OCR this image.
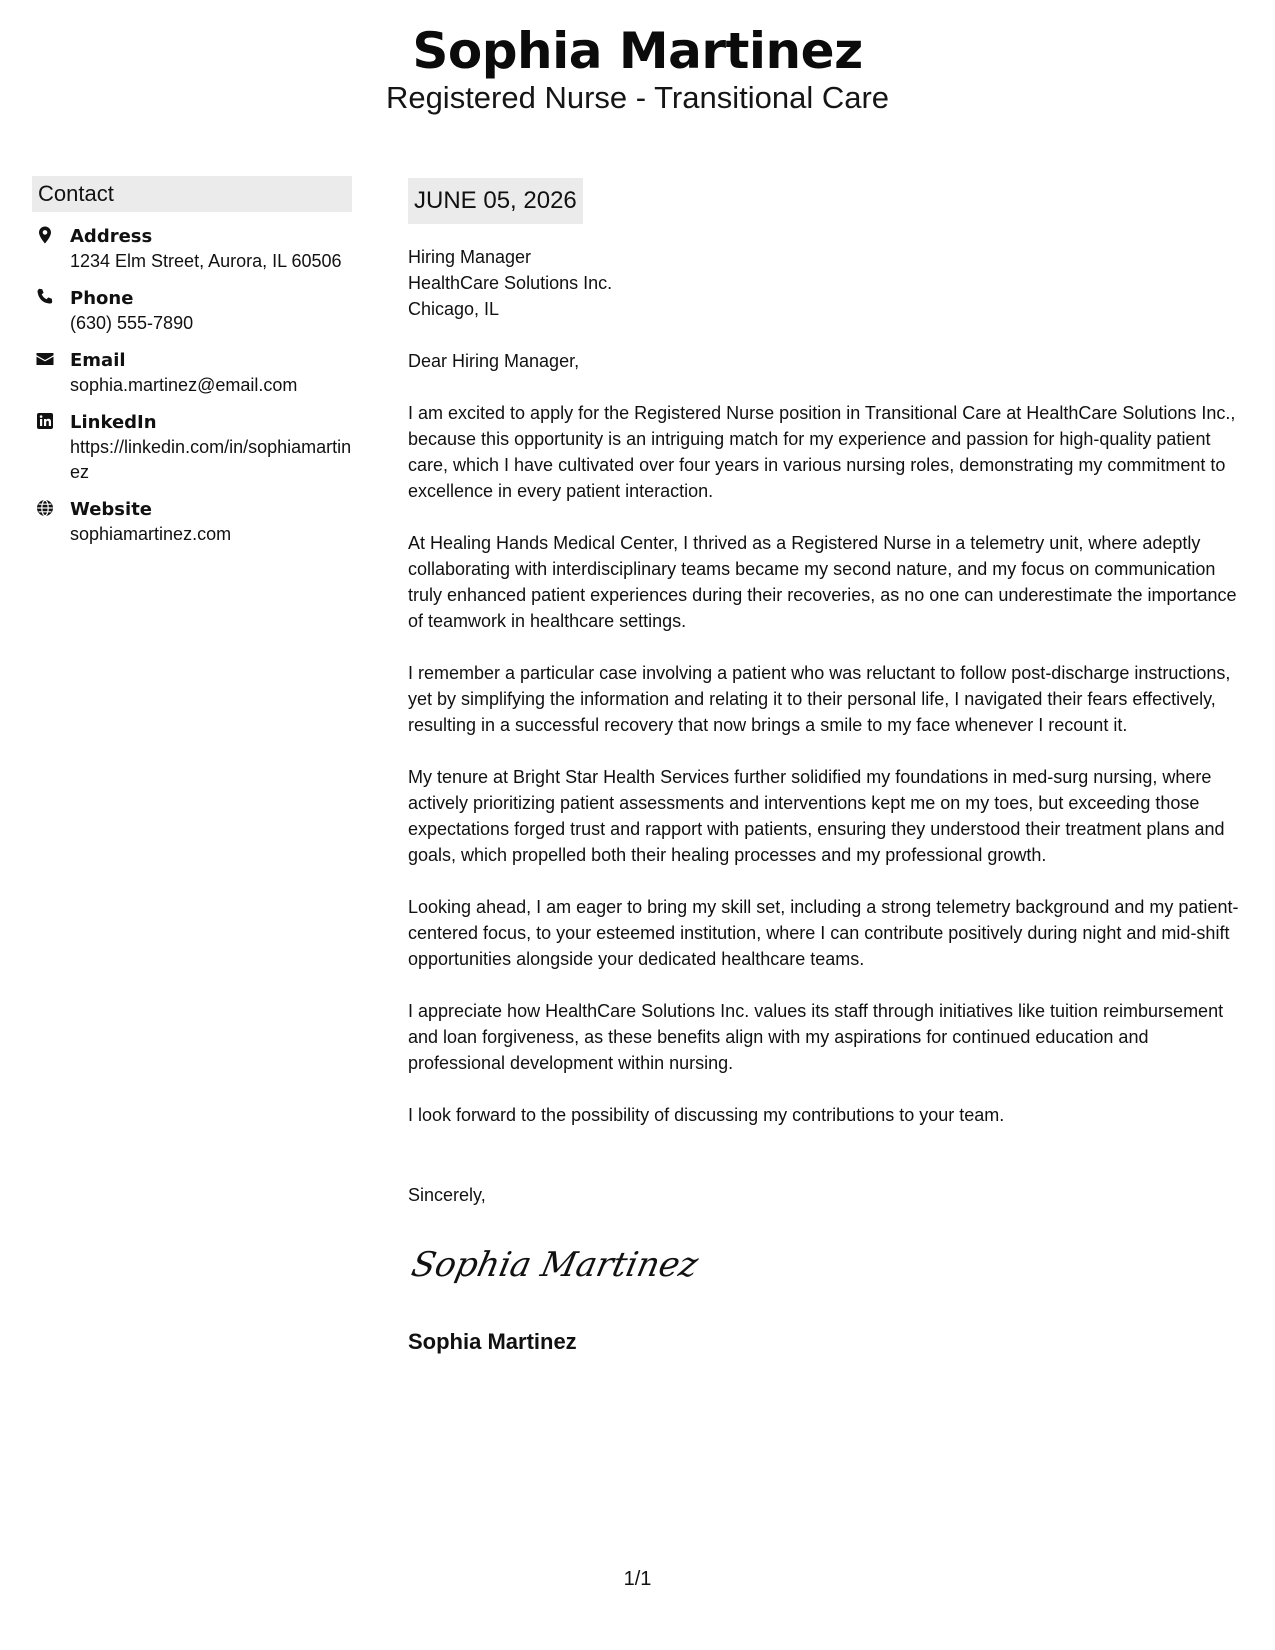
Sophia Martinez
Registered Nurse - Transitional Care
Contact
Address
1234 Elm Street, Aurora, IL 60506
Phone
(630) 555-7890
Email
sophia.martinez@email.com
LinkedIn
https://linkedin.com/in/sophiamartinez
Website
sophiamartinez.com
JUNE 05, 2026
Hiring Manager
HealthCare Solutions Inc.
Chicago, IL

Dear Hiring Manager,

I am excited to apply for the Registered Nurse position in Transitional Care at HealthCare Solutions Inc., because this opportunity is an intriguing match for my experience and passion for high-quality patient care, which I have cultivated over four years in various nursing roles, demonstrating my commitment to excellence in every patient interaction.

At Healing Hands Medical Center, I thrived as a Registered Nurse in a telemetry unit, where adeptly collaborating with interdisciplinary teams became my second nature, and my focus on communication truly enhanced patient experiences during their recoveries, as no one can underestimate the importance of teamwork in healthcare settings.

I remember a particular case involving a patient who was reluctant to follow post-discharge instructions, yet by simplifying the information and relating it to their personal life, I navigated their fears effectively, resulting in a successful recovery that now brings a smile to my face whenever I recount it.

My tenure at Bright Star Health Services further solidified my foundations in med-surg nursing, where actively prioritizing patient assessments and interventions kept me on my toes, but exceeding those expectations forged trust and rapport with patients, ensuring they understood their treatment plans and goals, which propelled both their healing processes and my professional growth.

Looking ahead, I am eager to bring my skill set, including a strong telemetry background and my patient-centered focus, to your esteemed institution, where I can contribute positively during night and mid-shift opportunities alongside your dedicated healthcare teams.

I appreciate how HealthCare Solutions Inc. values its staff through initiatives like tuition reimbursement and loan forgiveness, as these benefits align with my aspirations for continued education and professional development within nursing.

I look forward to the possibility of discussing my contributions to your team.

Sincerely,
Sophia Martinez
Sophia Martinez
1/1
